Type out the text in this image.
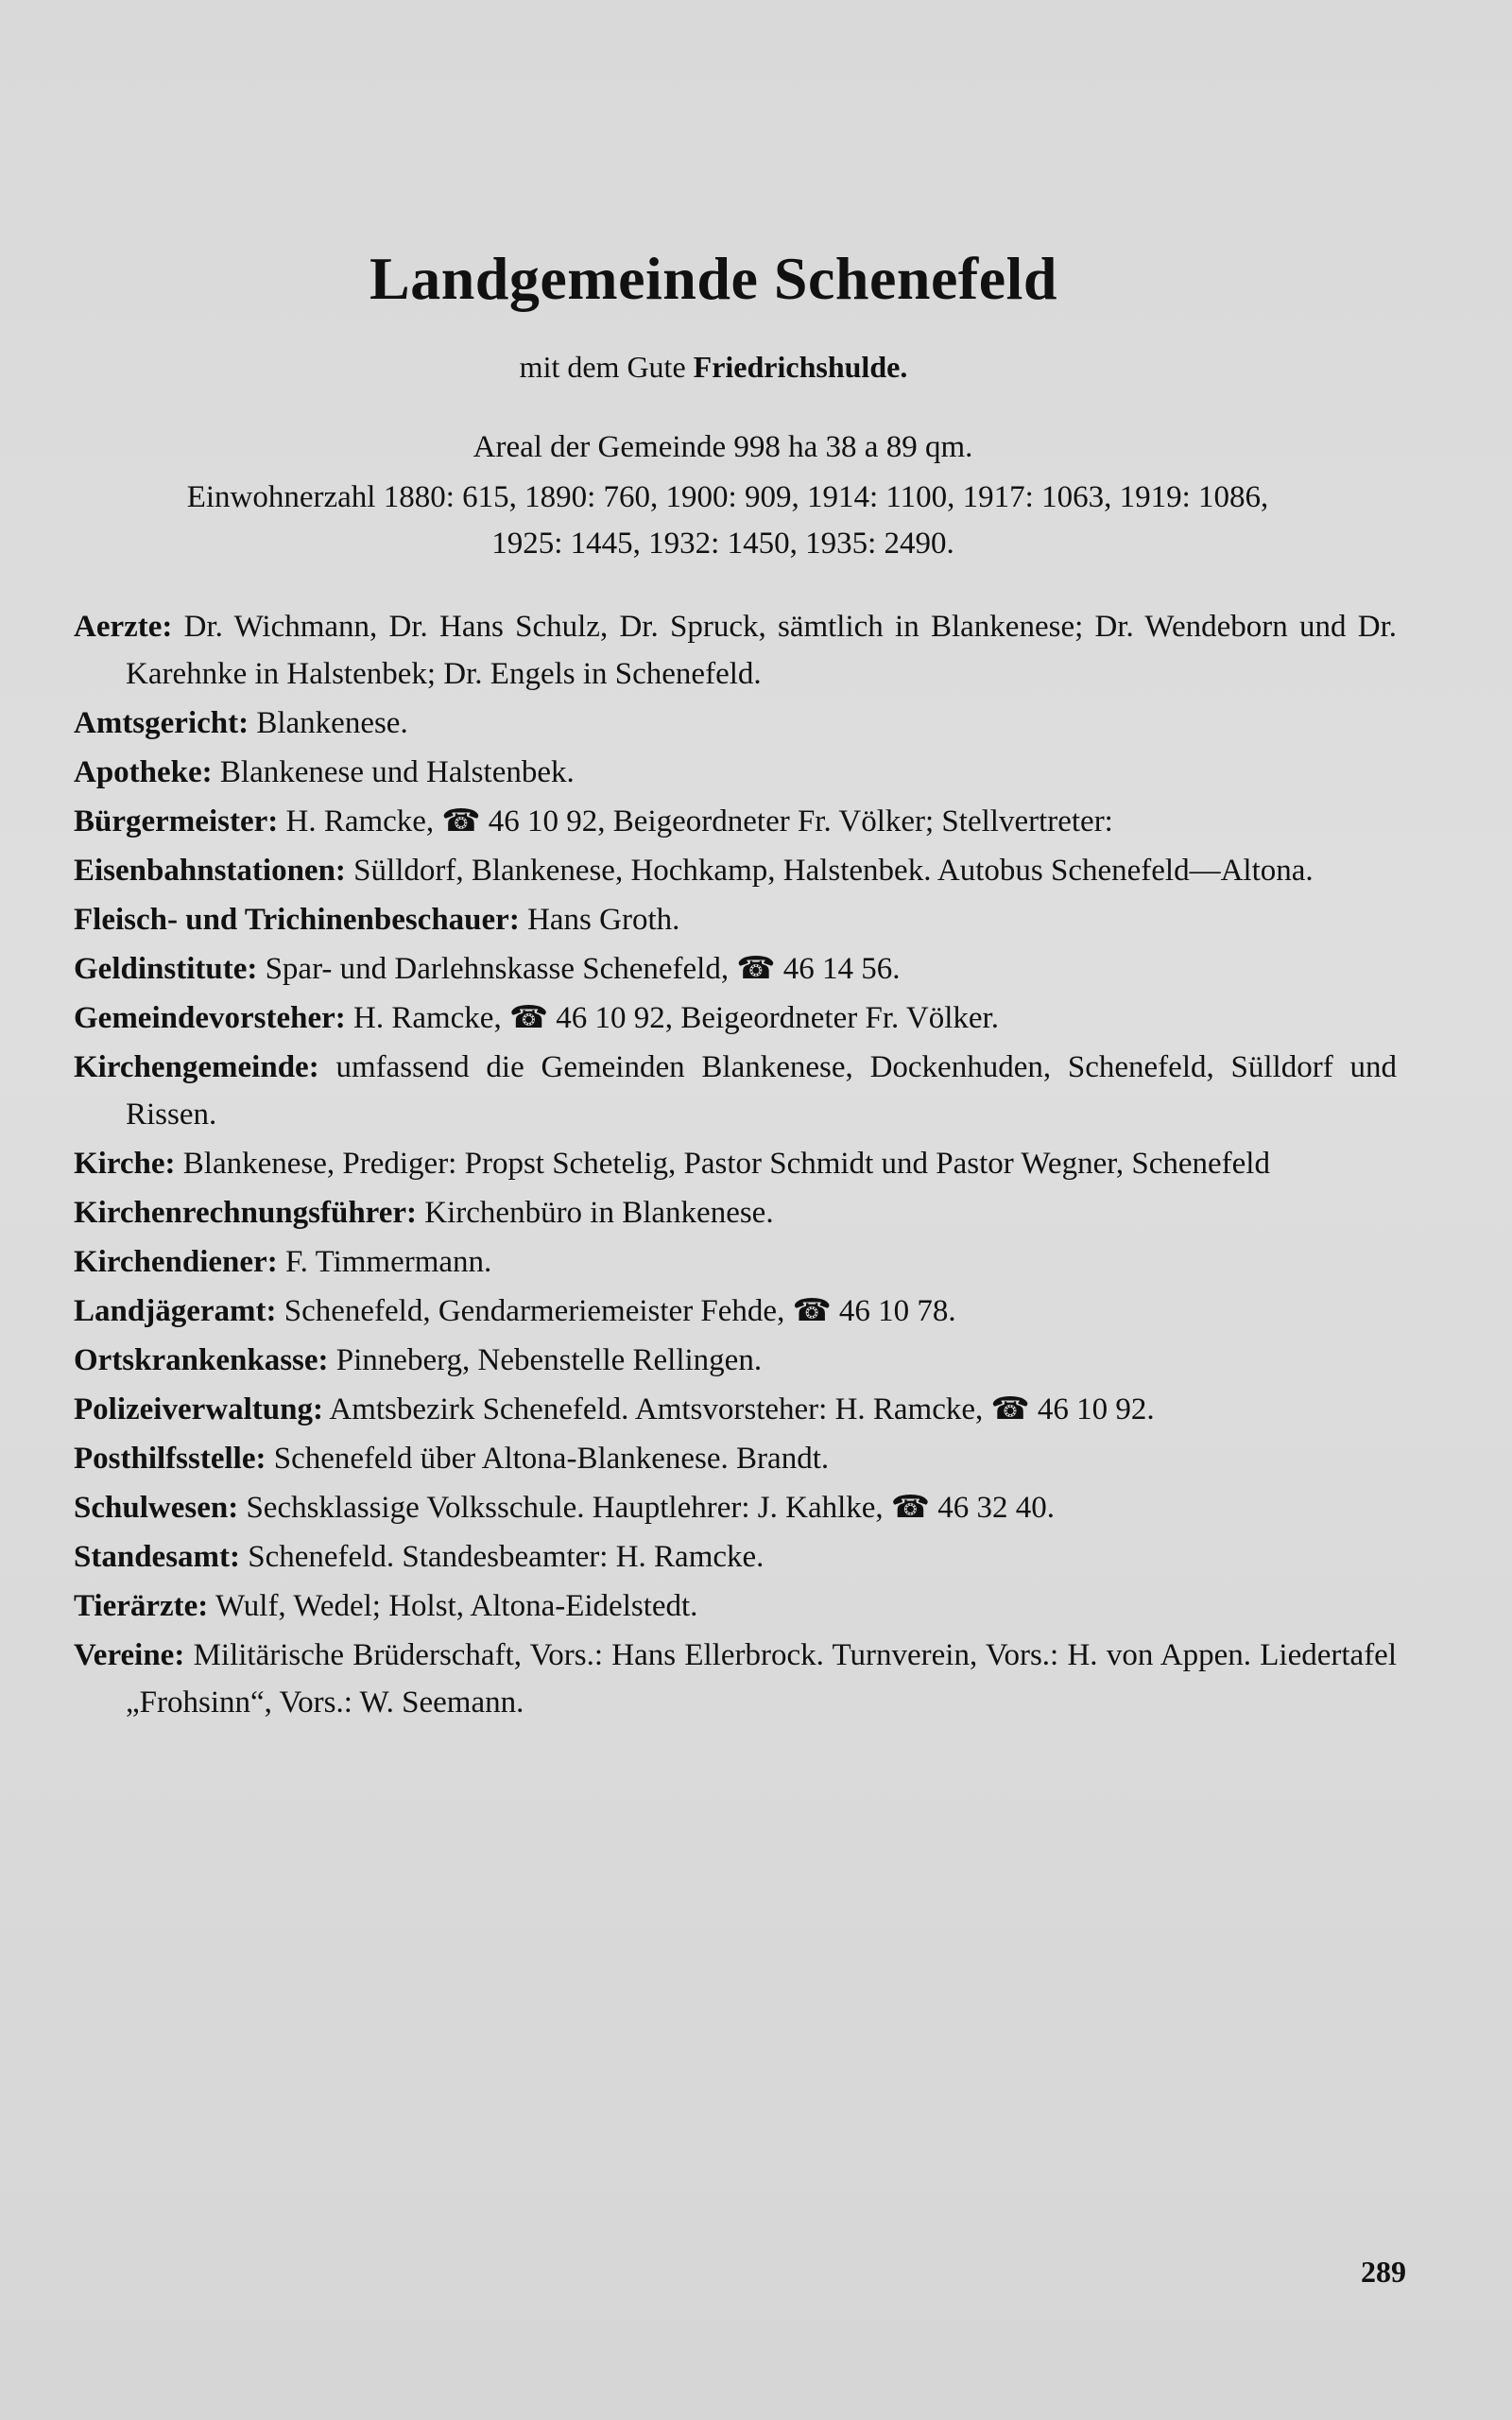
Landgemeinde Schenefeld
mit dem Gute Friedrichshulde.
Areal der Gemeinde 998 ha 38 a 89 qm.
Einwohnerzahl 1880: 615, 1890: 760, 1900: 909, 1914: 1100, 1917: 1063, 1919: 1086,
1925: 1445, 1932: 1450, 1935: 2490.

Aerzte: Dr. Wichmann, Dr. Hans Schulz, Dr. Spruck, sämtlich in Blankenese; Dr. Wendeborn und Dr. Karehnke in Halstenbek; Dr. Engels in Schenefeld.

Amtsgericht: Blankenese.

Apotheke: Blankenese und Halstenbek.

Bürgermeister: H. Ramcke, ☎ 46 10 92, Beigeordneter Fr. Völker; Stellvertreter:

Eisenbahnstationen: Sülldorf, Blankenese, Hochkamp, Halstenbek. Autobus Schenefeld—Altona.

Fleisch- und Trichinenbeschauer: Hans Groth.

Geldinstitute: Spar- und Darlehnskasse Schenefeld, ☎ 46 14 56.

Gemeindevorsteher: H. Ramcke, ☎ 46 10 92, Beigeordneter Fr. Völker.

Kirchengemeinde: umfassend die Gemeinden Blankenese, Dockenhuden, Schenefeld, Sülldorf und Rissen.

Kirche: Blankenese, Prediger: Propst Schetelig, Pastor Schmidt und Pastor Wegner, Schenefeld

Kirchenrechnungsführer: Kirchenbüro in Blankenese.

Kirchendiener: F. Timmermann.

Landjägeramt: Schenefeld, Gendarmeriemeister Fehde, ☎ 46 10 78.

Ortskrankenkasse: Pinneberg, Nebenstelle Rellingen.

Polizeiverwaltung: Amtsbezirk Schenefeld. Amtsvorsteher: H. Ramcke, ☎ 46 10 92.

Posthilfsstelle: Schenefeld über Altona-Blankenese. Brandt.

Schulwesen: Sechsklassige Volksschule. Hauptlehrer: J. Kahlke, ☎ 46 32 40.

Standesamt: Schenefeld. Standesbeamter: H. Ramcke.

Tierärzte: Wulf, Wedel; Holst, Altona-Eidelstedt.

Vereine: Militärische Brüderschaft, Vors.: Hans Ellerbrock. Turnverein, Vors.: H. von Appen. Liedertafel „Frohsinn“, Vors.: W. Seemann.

289
